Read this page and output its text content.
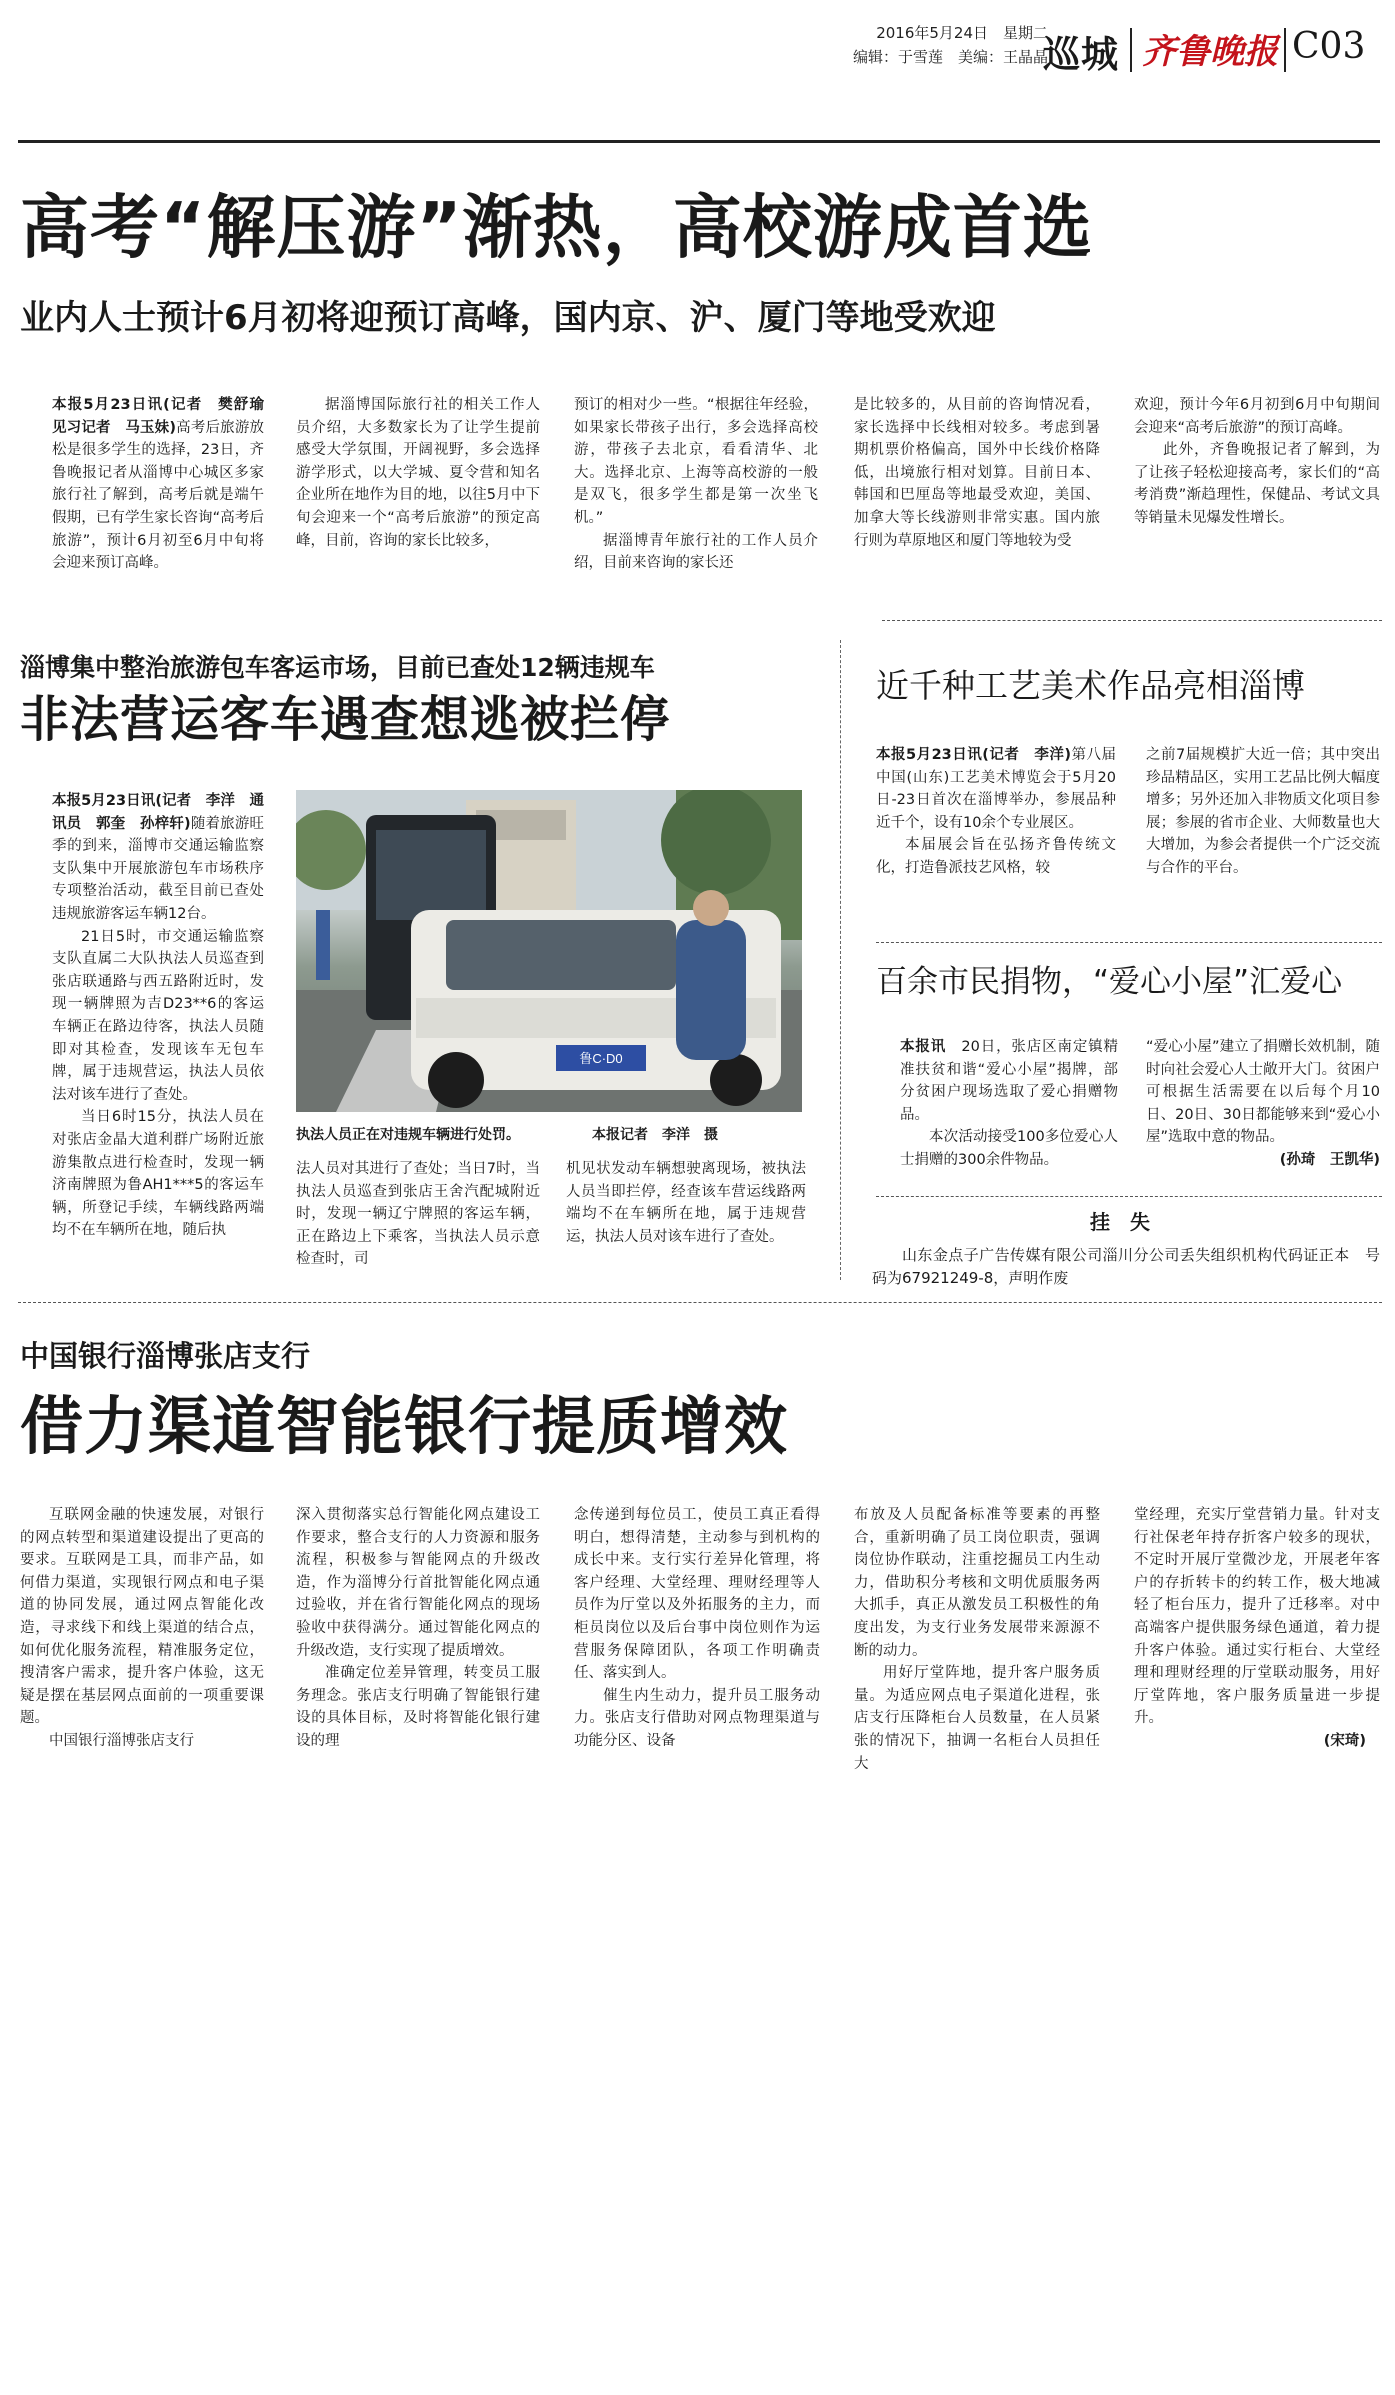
2016年5月24日　星期二
编辑：于雪莲　美编：王晶晶
巡城 齐鲁晚报 C03
高考“解压游”渐热，高校游成首选
业内人士预计6月初将迎预订高峰，国内京、沪、厦门等地受欢迎

本报5月23日讯(记者　樊舒瑜　见习记者　马玉妹)高考后旅游放松是很多学生的选择，23日，齐鲁晚报记者从淄博中心城区多家旅行社了解到，高考后就是端午假期，已有学生家长咨询“高考后旅游”，预计6月初至6月中旬将会迎来预订高峰。

据淄博国际旅行社的相关工作人员介绍，大多数家长为了让学生提前感受大学氛围，开阔视野，多会选择游学形式，以大学城、夏令营和知名企业所在地作为目的地，以往5月中下旬会迎来一个“高考后旅游”的预定高峰，目前，咨询的家长比较多，

预订的相对少一些。“根据往年经验，如果家长带孩子出行，多会选择高校游，带孩子去北京，看看清华、北大。选择北京、上海等高校游的一般是双飞，很多学生都是第一次坐飞机。”

据淄博青年旅行社的工作人员介绍，目前来咨询的家长还

是比较多的，从目前的咨询情况看，家长选择中长线相对较多。考虑到暑期机票价格偏高，国外中长线价格降低，出境旅行相对划算。目前日本、韩国和巴厘岛等地最受欢迎，美国、加拿大等长线游则非常实惠。国内旅行则为草原地区和厦门等地较为受

欢迎，预计今年6月初到6月中旬期间会迎来“高考后旅游”的预订高峰。

此外，齐鲁晚报记者了解到，为了让孩子轻松迎接高考，家长们的“高考消费”渐趋理性，保健品、考试文具等销量未见爆发性增长。

淄博集中整治旅游包车客运市场，目前已查处12辆违规车
非法营运客车遇查想逃被拦停

本报5月23日讯(记者　李洋　通讯员　郭奎　孙梓轩)随着旅游旺季的到来，淄博市交通运输监察支队集中开展旅游包车市场秩序专项整治活动，截至目前已查处违规旅游客运车辆12台。

21日5时，市交通运输监察支队直属二大队执法人员巡查到张店联通路与西五路附近时，发现一辆牌照为吉D23**6的客运车辆正在路边待客，执法人员随即对其检查，发现该车无包车牌，属于违规营运，执法人员依法对该车进行了查处。

当日6时15分，执法人员在对张店金晶大道利群广场附近旅游集散点进行检查时，发现一辆济南牌照为鲁AH1***5的客运车辆，所登记手续，车辆线路两端均不在车辆所在地，随后执

鲁C·D0
执法人员正在对违规车辆进行处罚。	本报记者　李洋　摄

法人员对其进行了查处；当日7时，当执法人员巡查到张店王舍汽配城附近时，发现一辆辽宁牌照的客运车辆，正在路边上下乘客，当执法人员示意检查时，司

机见状发动车辆想驶离现场，被执法人员当即拦停，经查该车营运线路两端均不在车辆所在地，属于违规营运，执法人员对该车进行了查处。

近千种工艺美术作品亮相淄博

本报5月23日讯(记者　李洋)第八届中国(山东)工艺美术博览会于5月20日-23日首次在淄博举办，参展品种近千个，设有10余个专业展区。

本届展会旨在弘扬齐鲁传统文化，打造鲁派技艺风格，较

之前7届规模扩大近一倍；其中突出珍品精品区，实用工艺品比例大幅度增多；另外还加入非物质文化项目参展；参展的省市企业、大师数量也大大增加，为参会者提供一个广泛交流与合作的平台。

百余市民捐物，“爱心小屋”汇爱心

本报讯　 20日，张店区南定镇精准扶贫和谐“爱心小屋”揭牌，部分贫困户现场选取了爱心捐赠物品。

本次活动接受100多位爱心人士捐赠的300余件物品。

“爱心小屋”建立了捐赠长效机制，随时向社会爱心人士敞开大门。贫困户可根据生活需要在以后每个月10日、20日、30日都能够来到“爱心小屋”选取中意的物品。

(孙琦　王凯华)
挂　失

山东金点子广告传媒有限公司淄川分公司丢失组织机构代码证正本　号码为67921249-8，声明作废

中国银行淄博张店支行
借力渠道智能银行提质增效

互联网金融的快速发展，对银行的网点转型和渠道建设提出了更高的要求。互联网是工具，而非产品，如何借力渠道，实现银行网点和电子渠道的协同发展，通过网点智能化改造，寻求线下和线上渠道的结合点，如何优化服务流程，精准服务定位，搜清客户需求，提升客户体验，这无疑是摆在基层网点面前的一项重要课题。

中国银行淄博张店支行

深入贯彻落实总行智能化网点建设工作要求，整合支行的人力资源和服务流程，积极参与智能网点的升级改造，作为淄博分行首批智能化网点通过验收，并在省行智能化网点的现场验收中获得满分。通过智能化网点的升级改造，支行实现了提质增效。

准确定位差异管理，转变员工服务理念。张店支行明确了智能银行建设的具体目标，及时将智能化银行建设的理

念传递到每位员工，使员工真正看得明白，想得清楚，主动参与到机构的成长中来。支行实行差异化管理，将客户经理、大堂经理、理财经理等人员作为厅堂以及外拓服务的主力，而柜员岗位以及后台事中岗位则作为运营服务保障团队，各项工作明确责任、落实到人。

催生内生动力，提升员工服务动力。张店支行借助对网点物理渠道与功能分区、设备

布放及人员配备标准等要素的再整合，重新明确了员工岗位职责，强调岗位协作联动，注重挖掘员工内生动力，借助积分考核和文明优质服务两大抓手，真正从激发员工积极性的角度出发，为支行业务发展带来源源不断的动力。

用好厅堂阵地，提升客户服务质量。为适应网点电子渠道化进程，张店支行压降柜台人员数量，在人员紧张的情况下，抽调一名柜台人员担任大

堂经理，充实厅堂营销力量。针对支行社保老年持存折客户较多的现状，不定时开展厅堂微沙龙，开展老年客户的存折转卡的约转工作，极大地减轻了柜台压力，提升了迁移率。对中高端客户提供服务绿色通道，着力提升客户体验。通过实行柜台、大堂经理和理财经理的厅堂联动服务，用好厅堂阵地，客户服务质量进一步提升。

(宋琦)
